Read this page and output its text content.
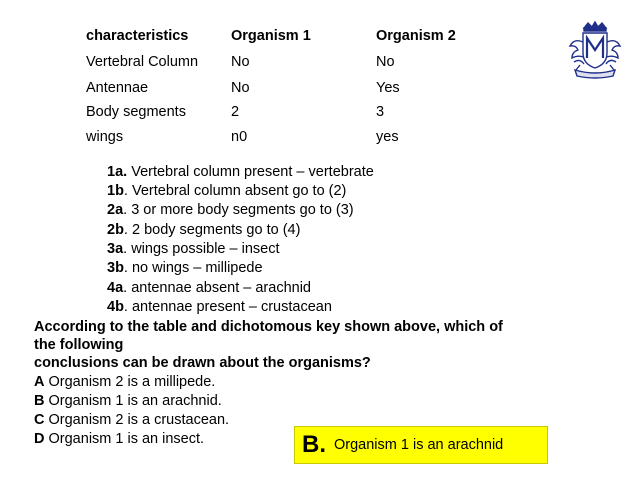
characteristics	Organism 1	Organism 2
Vertebral Column No	No
Antennae	No	Yes
Body segments	2	3
wings	n0	yes
1a. Vertebral column present – vertebrate
1b. Vertebral column absent go to (2)
2a. 3 or more body segments go to (3)
2b. 2 body segments go to (4)
3a. wings possible – insect
3b. no wings – millipede
4a. antennae absent – arachnid
4b. antennae present – crustacean
According to the table and dichotomous key shown above, which of
the following
conclusions can be drawn about the organisms?
A Organism 2 is a millipede.
B Organism 1 is an arachnid.
C Organism 2 is a crustacean.
D Organism 1 is an insect.	B. Organism 1 is an arachnid
